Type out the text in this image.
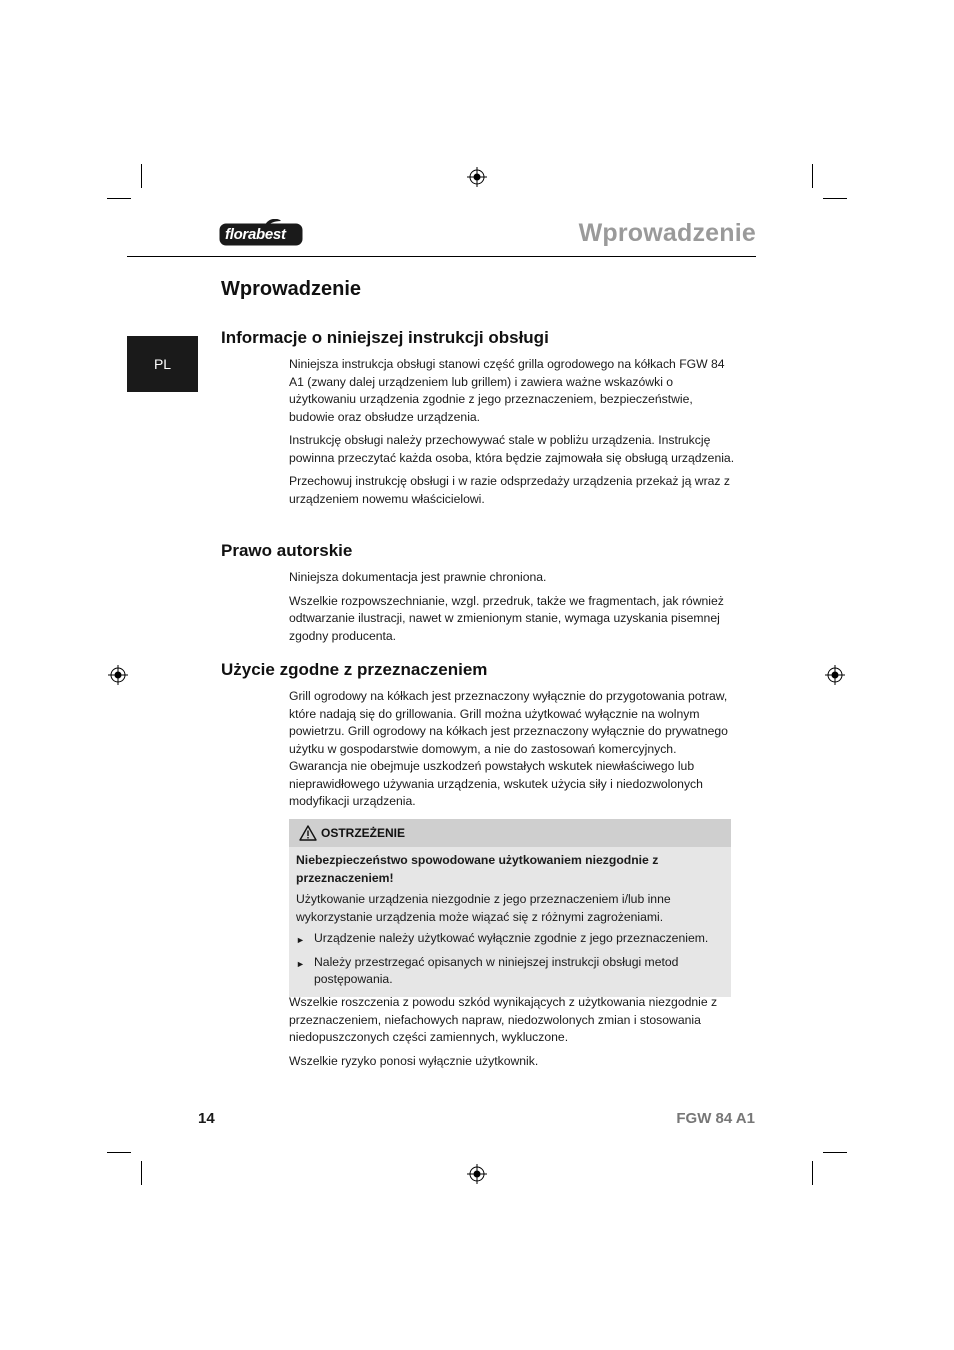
florabest	Wprowadzenie
PL
Wprowadzenie
Informacje o niniejszej instrukcji obsługi

Niniejsza instrukcja obsługi stanowi część grilla ogrodowego na kółkach FGW 84 A1 (zwany dalej urządzeniem lub grillem) i zawiera ważne wskazówki o użytkowaniu urządzenia zgodnie z jego przeznaczeniem, bezpieczeństwie, budowie oraz obsłudze urządzenia.

Instrukcję obsługi należy przechowywać stale w pobliżu urządzenia. Instrukcję powinna przeczytać każda osoba, która będzie zajmowała się obsługą urządzenia.

Przechowuj instrukcję obsługi i w razie odsprzedaży urządzenia przekaż ją wraz z urządzeniem nowemu właścicielowi.

Prawo autorskie

Niniejsza dokumentacja jest prawnie chroniona.

Wszelkie rozpowszechnianie, wzgl. przedruk, także we fragmentach, jak również odtwarzanie ilustracji, nawet w zmienionym stanie, wymaga uzyskania pisemnej zgodny producenta.

Użycie zgodne z przeznaczeniem

Grill ogrodowy na kółkach jest przeznaczony wyłącznie do przygotowania potraw, które nadają się do grillowania. Grill można użytkować wyłącznie na wolnym powietrzu. Grill ogrodowy na kółkach jest przeznaczony wyłącznie do prywatnego użytku w gospodarstwie domowym, a nie do zastosowań komercyjnych. Gwarancja nie obejmuje uszkodzeń powstałych wskutek niewłaściwego lub nieprawidłowego używania urządzenia, wskutek użycia siły i niedozwolonych modyfikacji urządzenia.

OSTRZEŻENIE
Niebezpieczeństwo spowodowane użytkowaniem niezgodnie z przeznaczeniem!

Użytkowanie urządzenia niezgodnie z jego przeznaczeniem i/lub inne wykorzystanie urządzenia może wiązać się z różnymi zagrożeniami.

► Urządzenie należy użytkować wyłącznie zgodnie z jego przeznaczeniem.
► Należy przestrzegać opisanych w niniejszej instrukcji obsługi metod postępowania.

Wszelkie roszczenia z powodu szkód wynikających z użytkowania niezgodnie z przeznaczeniem, niefachowych napraw, niedozwolonych zmian i stosowania niedopuszczonych części zamiennych, wykluczone.

Wszelkie ryzyko ponosi wyłącznie użytkownik.

14	FGW 84 A1
